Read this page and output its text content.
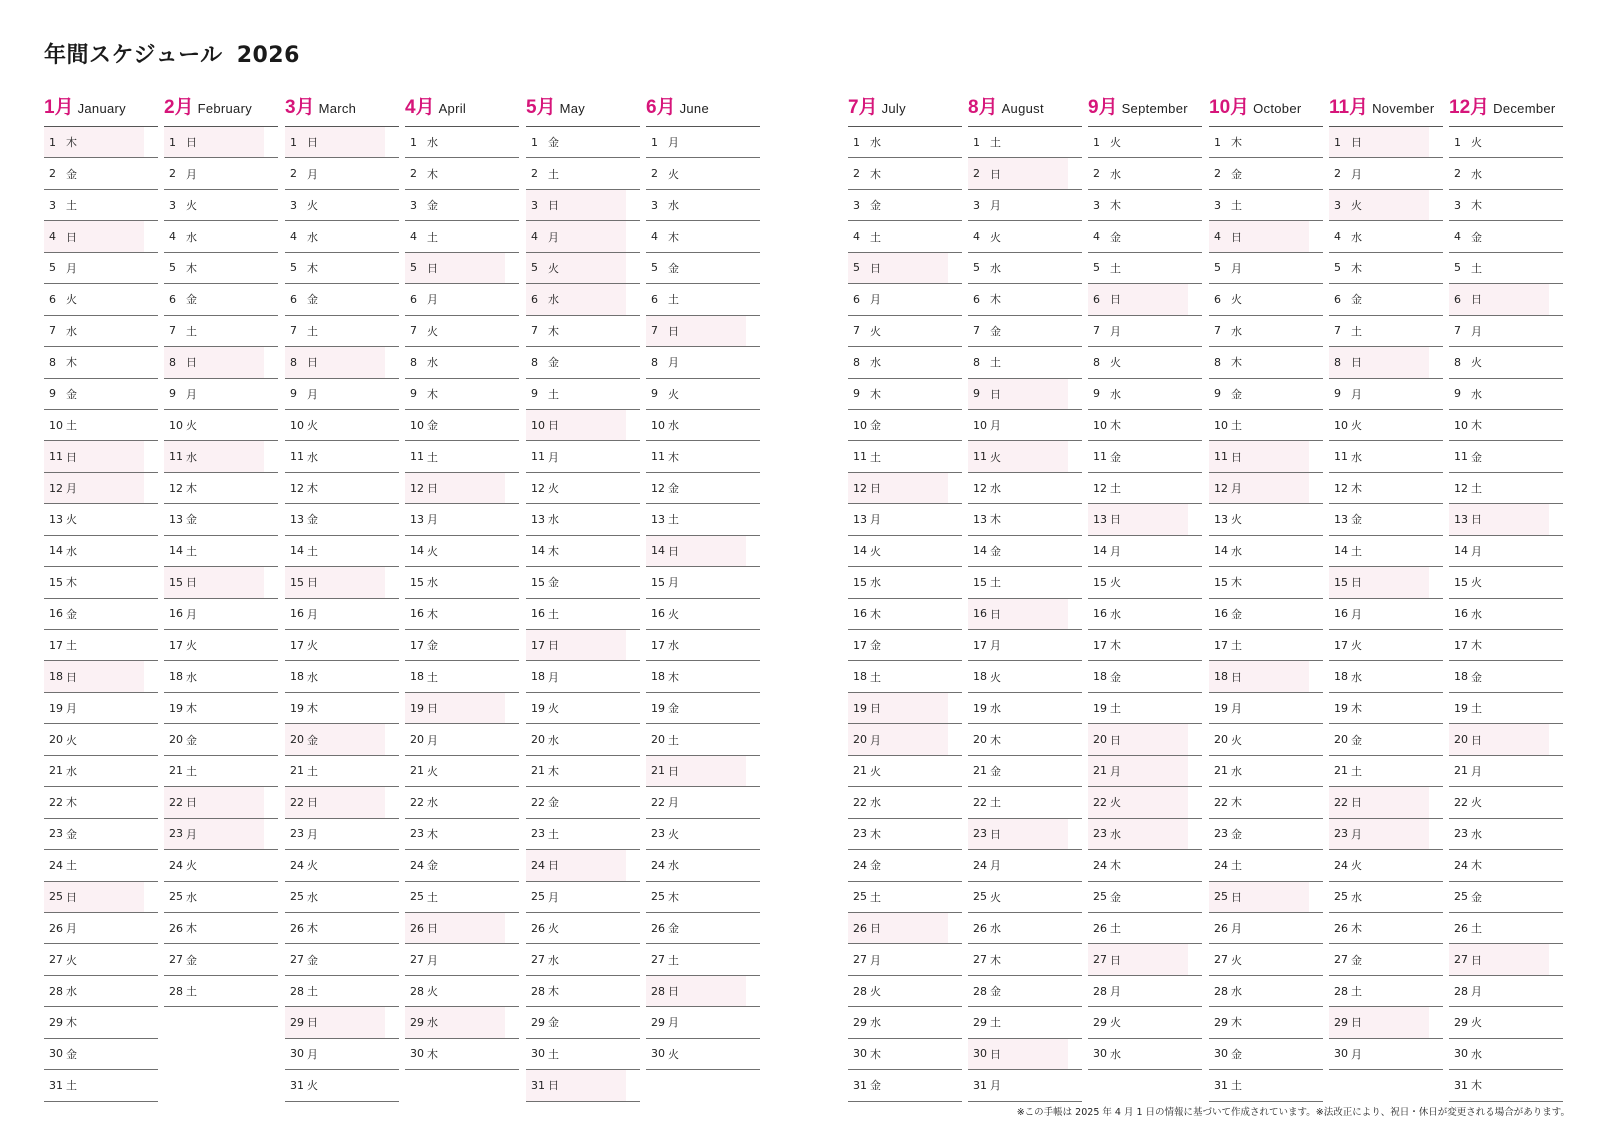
年間スケジュール 2026
1月 January
1 木
2 金
3 土
4 日
5 月
6 火
7 水
8 木
9 金
10 土
11 日
12 月
13 火
14 水
15 木
16 金
17 土
18 日
19 月
20 火
21 水
22 木
23 金
24 土
25 日
26 月
27 火
28 水
29 木
30 金
31 土
2月 February
1 日
2 月
3 火
4 水
5 木
6 金
7 土
8 日
9 月
10 火
11 水
12 木
13 金
14 土
15 日
16 月
17 火
18 水
19 木
20 金
21 土
22 日
23 月
24 火
25 水
26 木
27 金
28 土
3月 March
1 日
2 月
3 火
4 水
5 木
6 金
7 土
8 日
9 月
10 火
11 水
12 木
13 金
14 土
15 日
16 月
17 火
18 水
19 木
20 金
21 土
22 日
23 月
24 火
25 水
26 木
27 金
28 土
29 日
30 月
31 火
4月 April
1 水
2 木
3 金
4 土
5 日
6 月
7 火
8 水
9 木
10 金
11 土
12 日
13 月
14 火
15 水
16 木
17 金
18 土
19 日
20 月
21 火
22 水
23 木
24 金
25 土
26 日
27 月
28 火
29 水
30 木
5月 May
1 金
2 土
3 日
4 月
5 火
6 水
7 木
8 金
9 土
10 日
11 月
12 火
13 水
14 木
15 金
16 土
17 日
18 月
19 火
20 水
21 木
22 金
23 土
24 日
25 月
26 火
27 水
28 木
29 金
30 土
31 日
6月 June
1 月
2 火
3 水
4 木
5 金
6 土
7 日
8 月
9 火
10 水
11 木
12 金
13 土
14 日
15 月
16 火
17 水
18 木
19 金
20 土
21 日
22 月
23 火
24 水
25 木
26 金
27 土
28 日
29 月
30 火
7月 July
1 水
2 木
3 金
4 土
5 日
6 月
7 火
8 水
9 木
10 金
11 土
12 日
13 月
14 火
15 水
16 木
17 金
18 土
19 日
20 月
21 火
22 水
23 木
24 金
25 土
26 日
27 月
28 火
29 水
30 木
31 金
8月 August
1 土
2 日
3 月
4 火
5 水
6 木
7 金
8 土
9 日
10 月
11 火
12 水
13 木
14 金
15 土
16 日
17 月
18 火
19 水
20 木
21 金
22 土
23 日
24 月
25 火
26 水
27 木
28 金
29 土
30 日
31 月
9月 September
1 火
2 水
3 木
4 金
5 土
6 日
7 月
8 火
9 水
10 木
11 金
12 土
13 日
14 月
15 火
16 水
17 木
18 金
19 土
20 日
21 月
22 火
23 水
24 木
25 金
26 土
27 日
28 月
29 火
30 水
10月 October
1 木
2 金
3 土
4 日
5 月
6 火
7 水
8 木
9 金
10 土
11 日
12 月
13 火
14 水
15 木
16 金
17 土
18 日
19 月
20 火
21 水
22 木
23 金
24 土
25 日
26 月
27 火
28 水
29 木
30 金
31 土
11月 November
1 日
2 月
3 火
4 水
5 木
6 金
7 土
8 日
9 月
10 火
11 水
12 木
13 金
14 土
15 日
16 月
17 火
18 水
19 木
20 金
21 土
22 日
23 月
24 火
25 水
26 木
27 金
28 土
29 日
30 月
12月 December
1 火
2 水
3 木
4 金
5 土
6 日
7 月
8 火
9 水
10 木
11 金
12 土
13 日
14 月
15 火
16 水
17 木
18 金
19 土
20 日
21 月
22 火
23 水
24 木
25 金
26 土
27 日
28 月
29 火
30 水
31 木
※この手帳は 2025 年 4 月 1 日の情報に基づいて作成されています。※法改正により、祝日・休日が変更される場合があります。
